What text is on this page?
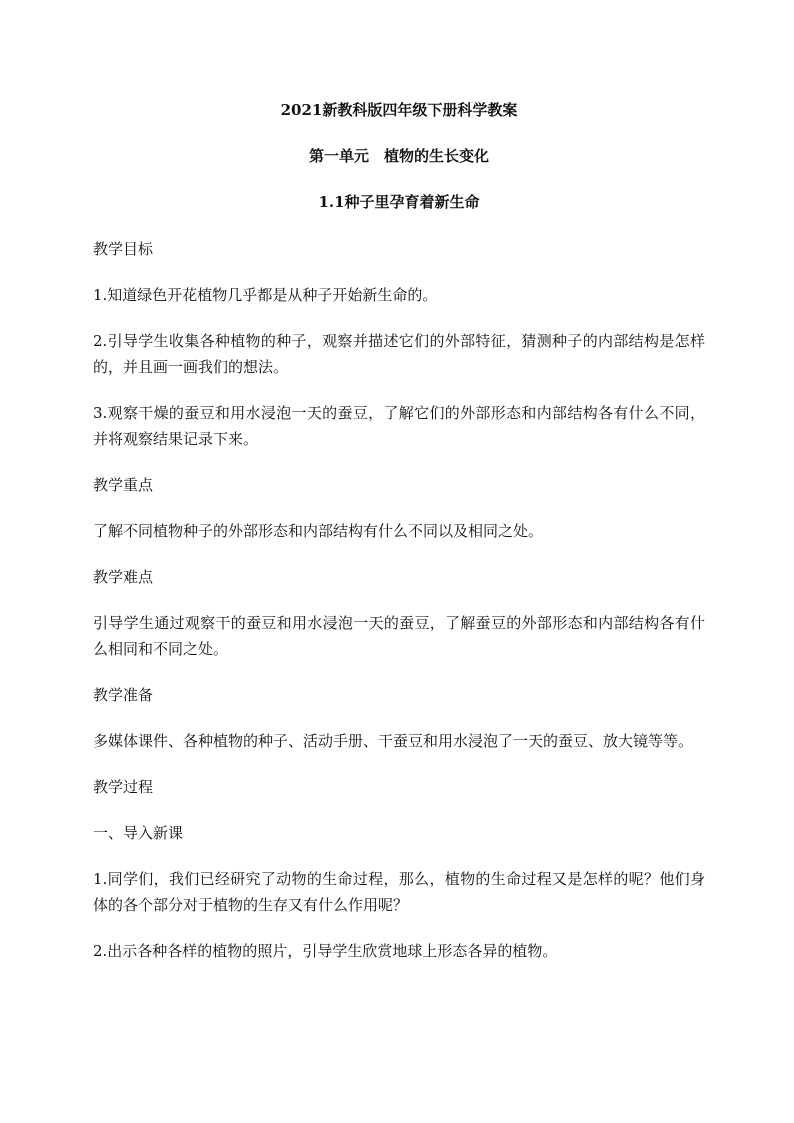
2021新教科版四年级下册科学教案

第一单元　植物的生长变化

1.1种子里孕育着新生命

教学目标

1.知道绿色开花植物几乎都是从种子开始新生命的。

2.引导学生收集各种植物的种子，观察并描述它们的外部特征，猜测种子的内部结构是怎样的，并且画一画我们的想法。

3.观察干燥的蚕豆和用水浸泡一天的蚕豆，了解它们的外部形态和内部结构各有什么不同，并将观察结果记录下来。

教学重点

了解不同植物种子的外部形态和内部结构有什么不同以及相同之处。

教学难点

引导学生通过观察干的蚕豆和用水浸泡一天的蚕豆，了解蚕豆的外部形态和内部结构各有什么相同和不同之处。

教学准备

多媒体课件、各种植物的种子、活动手册、干蚕豆和用水浸泡了一天的蚕豆、放大镜等等。

教学过程

一、导入新课

1.同学们，我们已经研究了动物的生命过程，那么，植物的生命过程又是怎样的呢？他们身体的各个部分对于植物的生存又有什么作用呢？

2.出示各种各样的植物的照片，引导学生欣赏地球上形态各异的植物。
